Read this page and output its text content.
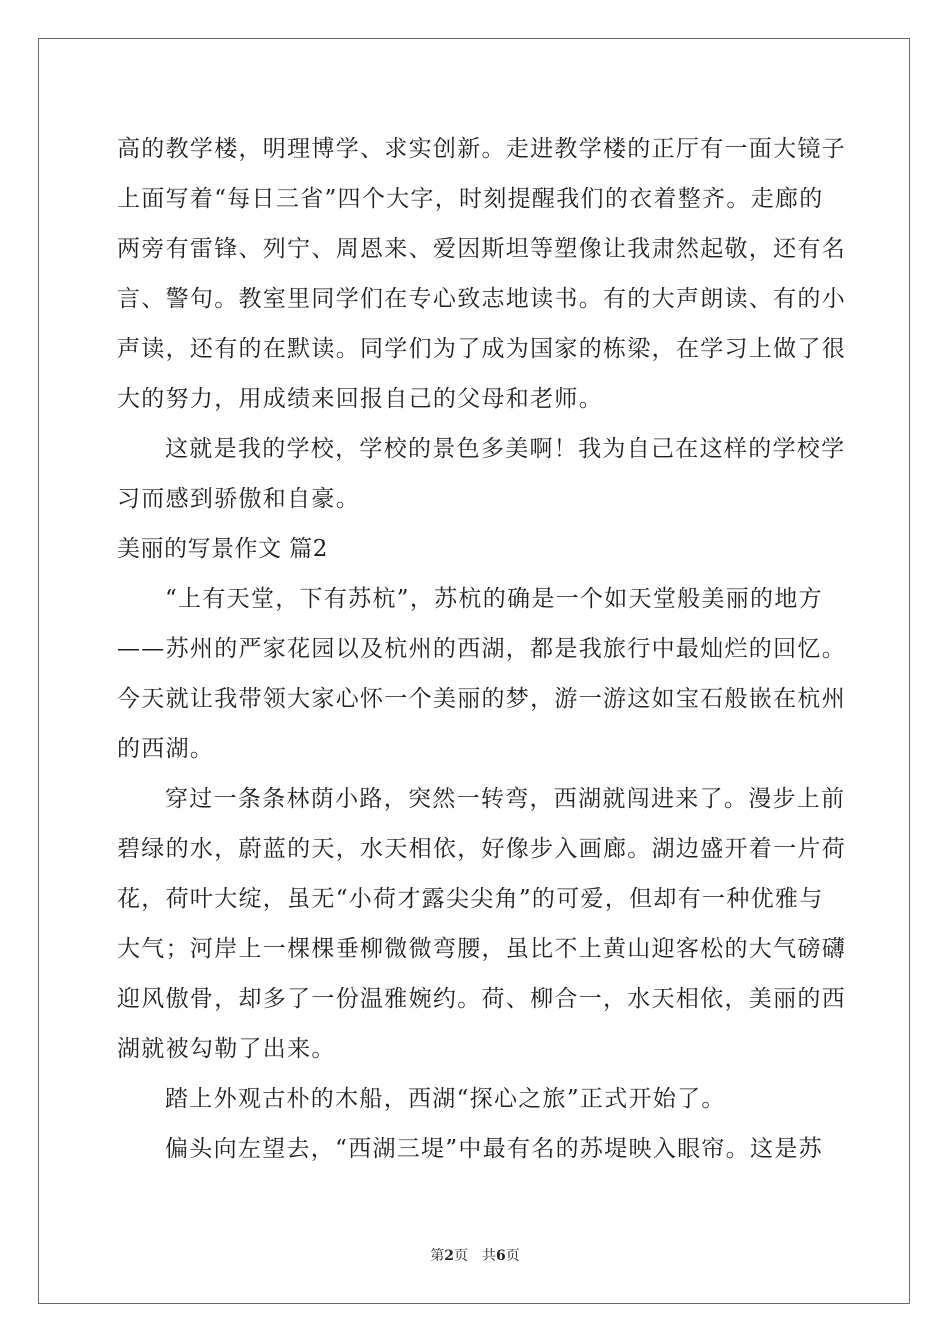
高的教学楼，明理博学、求实创新。走进教学楼的正厅有一面大镜子
上面写着“每日三省”四个大字，时刻提醒我们的衣着整齐。走廊的
两旁有雷锋、列宁、周恩来、爱因斯坦等塑像让我肃然起敬，还有名
言、警句。教室里同学们在专心致志地读书。有的大声朗读、有的小
声读，还有的在默读。同学们为了成为国家的栋梁，在学习上做了很
大的努力，用成绩来回报自己的父母和老师。
这就是我的学校，学校的景色多美啊！我为自己在这样的学校学
习而感到骄傲和自豪。
美丽的写景作文 篇2
“上有天堂，下有苏杭”，苏杭的确是一个如天堂般美丽的地方
——苏州的严家花园以及杭州的西湖，都是我旅行中最灿烂的回忆。
今天就让我带领大家心怀一个美丽的梦，游一游这如宝石般嵌在杭州
的西湖。
穿过一条条林荫小路，突然一转弯，西湖就闯进来了。漫步上前
碧绿的水，蔚蓝的天，水天相依，好像步入画廊。湖边盛开着一片荷
花，荷叶大绽，虽无“小荷才露尖尖角”的可爱，但却有一种优雅与
大气；河岸上一棵棵垂柳微微弯腰，虽比不上黄山迎客松的大气磅礴
迎风傲骨，却多了一份温雅婉约。荷、柳合一，水天相依，美丽的西
湖就被勾勒了出来。
踏上外观古朴的木船，西湖“探心之旅”正式开始了。
偏头向左望去，“西湖三堤”中最有名的苏堤映入眼帘。这是苏
第2页 共6页
